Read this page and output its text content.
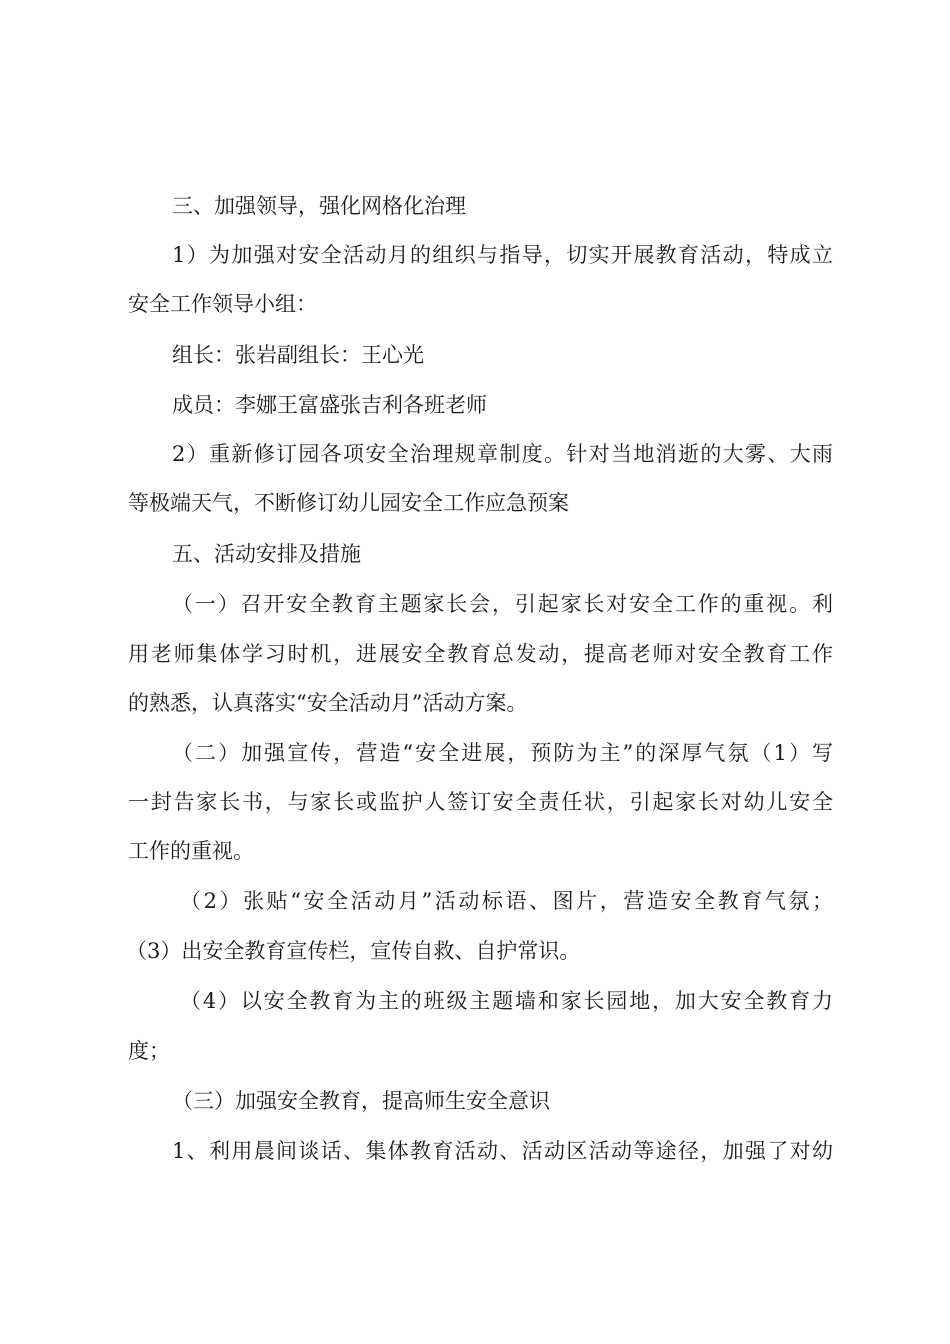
三、加强领导，强化网格化治理
1）为加强对安全活动月的组织与指导，切实开展教育活动，特成立
安全工作领导小组：
组长：张岩副组长：王心光
成员：李娜王富盛张吉利各班老师
2）重新修订园各项安全治理规章制度。针对当地消逝的大雾、大雨
等极端天气，不断修订幼儿园安全工作应急预案
五、活动安排及措施
（一）召开安全教育主题家长会，引起家长对安全工作的重视。利
用老师集体学习时机，进展安全教育总发动，提高老师对安全教育工作
的熟悉，认真落实“安全活动月”活动方案。
（二）加强宣传，营造“安全进展，预防为主”的深厚气氛（1）写
一封告家长书，与家长或监护人签订安全责任状，引起家长对幼儿安全
工作的重视。
（2）张贴“安全活动月”活动标语、图片，营造安全教育气氛；
（3）出安全教育宣传栏，宣传自救、自护常识。
（4）以安全教育为主的班级主题墙和家长园地，加大安全教育力
度；
（三）加强安全教育，提高师生安全意识
1、利用晨间谈话、集体教育活动、活动区活动等途径，加强了对幼
